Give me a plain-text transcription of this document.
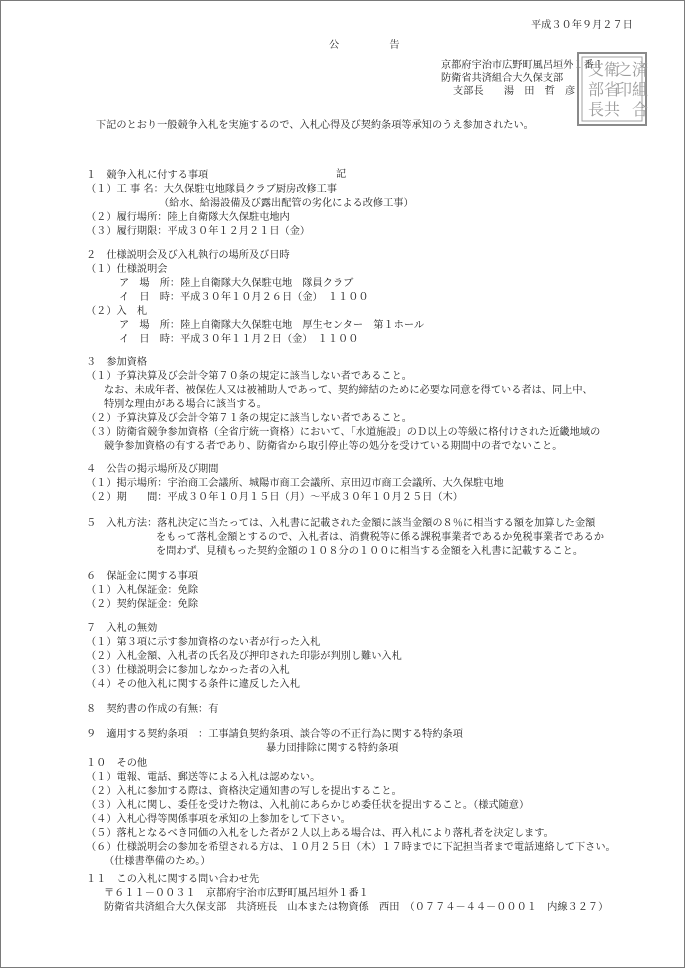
平成３０年９月２７日
公　告
京都府宇治市広野町風呂垣外１番１
防衛省共済組合大久保支部
支部長　　湯　田　哲　彦
支衛
部省
長共
之済
印組
　合
下記のとおり一般競争入札を実施するので、入札心得及び契約条項等承知のうえ参加されたい。
記
１　競争入札に付する事項
（１）工 事 名：大久保駐屯地隊員クラブ厨房改修工事
（給水、給湯設備及び露出配管の劣化による改修工事）
（２）履行場所：陸上自衛隊大久保駐屯地内
（３）履行期限：平成３０年１２月２１日（金）
２　仕様説明会及び入札執行の場所及び日時
（１）仕様説明会
ア　場　所：陸上自衛隊大久保駐屯地　隊員クラブ
イ　日　時：平成３０年１０月２６日（金）　１１００
（２）入　札
ア　場　所：陸上自衛隊大久保駐屯地　厚生センター　第１ホール
イ　日　時：平成３０年１１月２日（金）　１１００
３　参加資格
（１）予算決算及び会計令第７０条の規定に該当しない者であること。
なお、未成年者、被保佐人又は被補助人であって、契約締結のために必要な同意を得ている者は、同上中、
特別な理由がある場合に該当する。
（２）予算決算及び会計令第７１条の規定に該当しない者であること。
（３）防衛省競争参加資格（全省庁統一資格）において、「水道施設」のＤ以上の等級に格付けされた近畿地域の
競争参加資格の有する者であり、防衛省から取引停止等の処分を受けている期間中の者でないこと。
４　公告の掲示場所及び期間
（１）掲示場所：宇治商工会議所、城陽市商工会議所、京田辺市商工会議所、大久保駐屯地
（２）期　　間：平成３０年１０月１５日（月）～平成３０年１０月２５日（木）
５　入札方法：落札決定に当たっては、入札書に記載された金額に該当金額の８％に相当する額を加算した金額
をもって落札金額とするので、入札者は、消費税等に係る課税事業者であるか免税事業者であるか
を問わず、見積もった契約金額の１０８分の１００に相当する金額を入札書に記載すること。
６　保証金に関する事項
（１）入札保証金：免除
（２）契約保証金：免除
７　入札の無効
（１）第３項に示す参加資格のない者が行った入札
（２）入札金額、入札者の氏名及び押印された印影が判別し難い入札
（３）仕様説明会に参加しなかった者の入札
（４）その他入札に関する条件に違反した入札
８　契約書の作成の有無：有
９　適用する契約条項　：工事請負契約条項、談合等の不正行為に関する特約条項
暴力団排除に関する特約条項
１０　その他
（１）電報、電話、郵送等による入札は認めない。
（２）入札に参加する際は、資格決定通知書の写しを提出すること。
（３）入札に関し、委任を受けた物は、入札前にあらかじめ委任状を提出すること。（様式随意）
（４）入札心得等関係事項を承知の上参加をして下さい。
（５）落札となるべき同価の入札をした者が２人以上ある場合は、再入札により落札者を決定します。
（６）仕様説明会の参加を希望される方は、１０月２５日（木）１７時までに下記担当者まで電話連絡して下さい。
（仕様書準備のため。）
１１　この入札に関する問い合わせ先
〒６１１－００３１　京都府宇治市広野町風呂垣外１番１
防衛省共済組合大久保支部　共済班長　山本または物資係　西田　（０７７４－４４－０００１　内線３２７）
